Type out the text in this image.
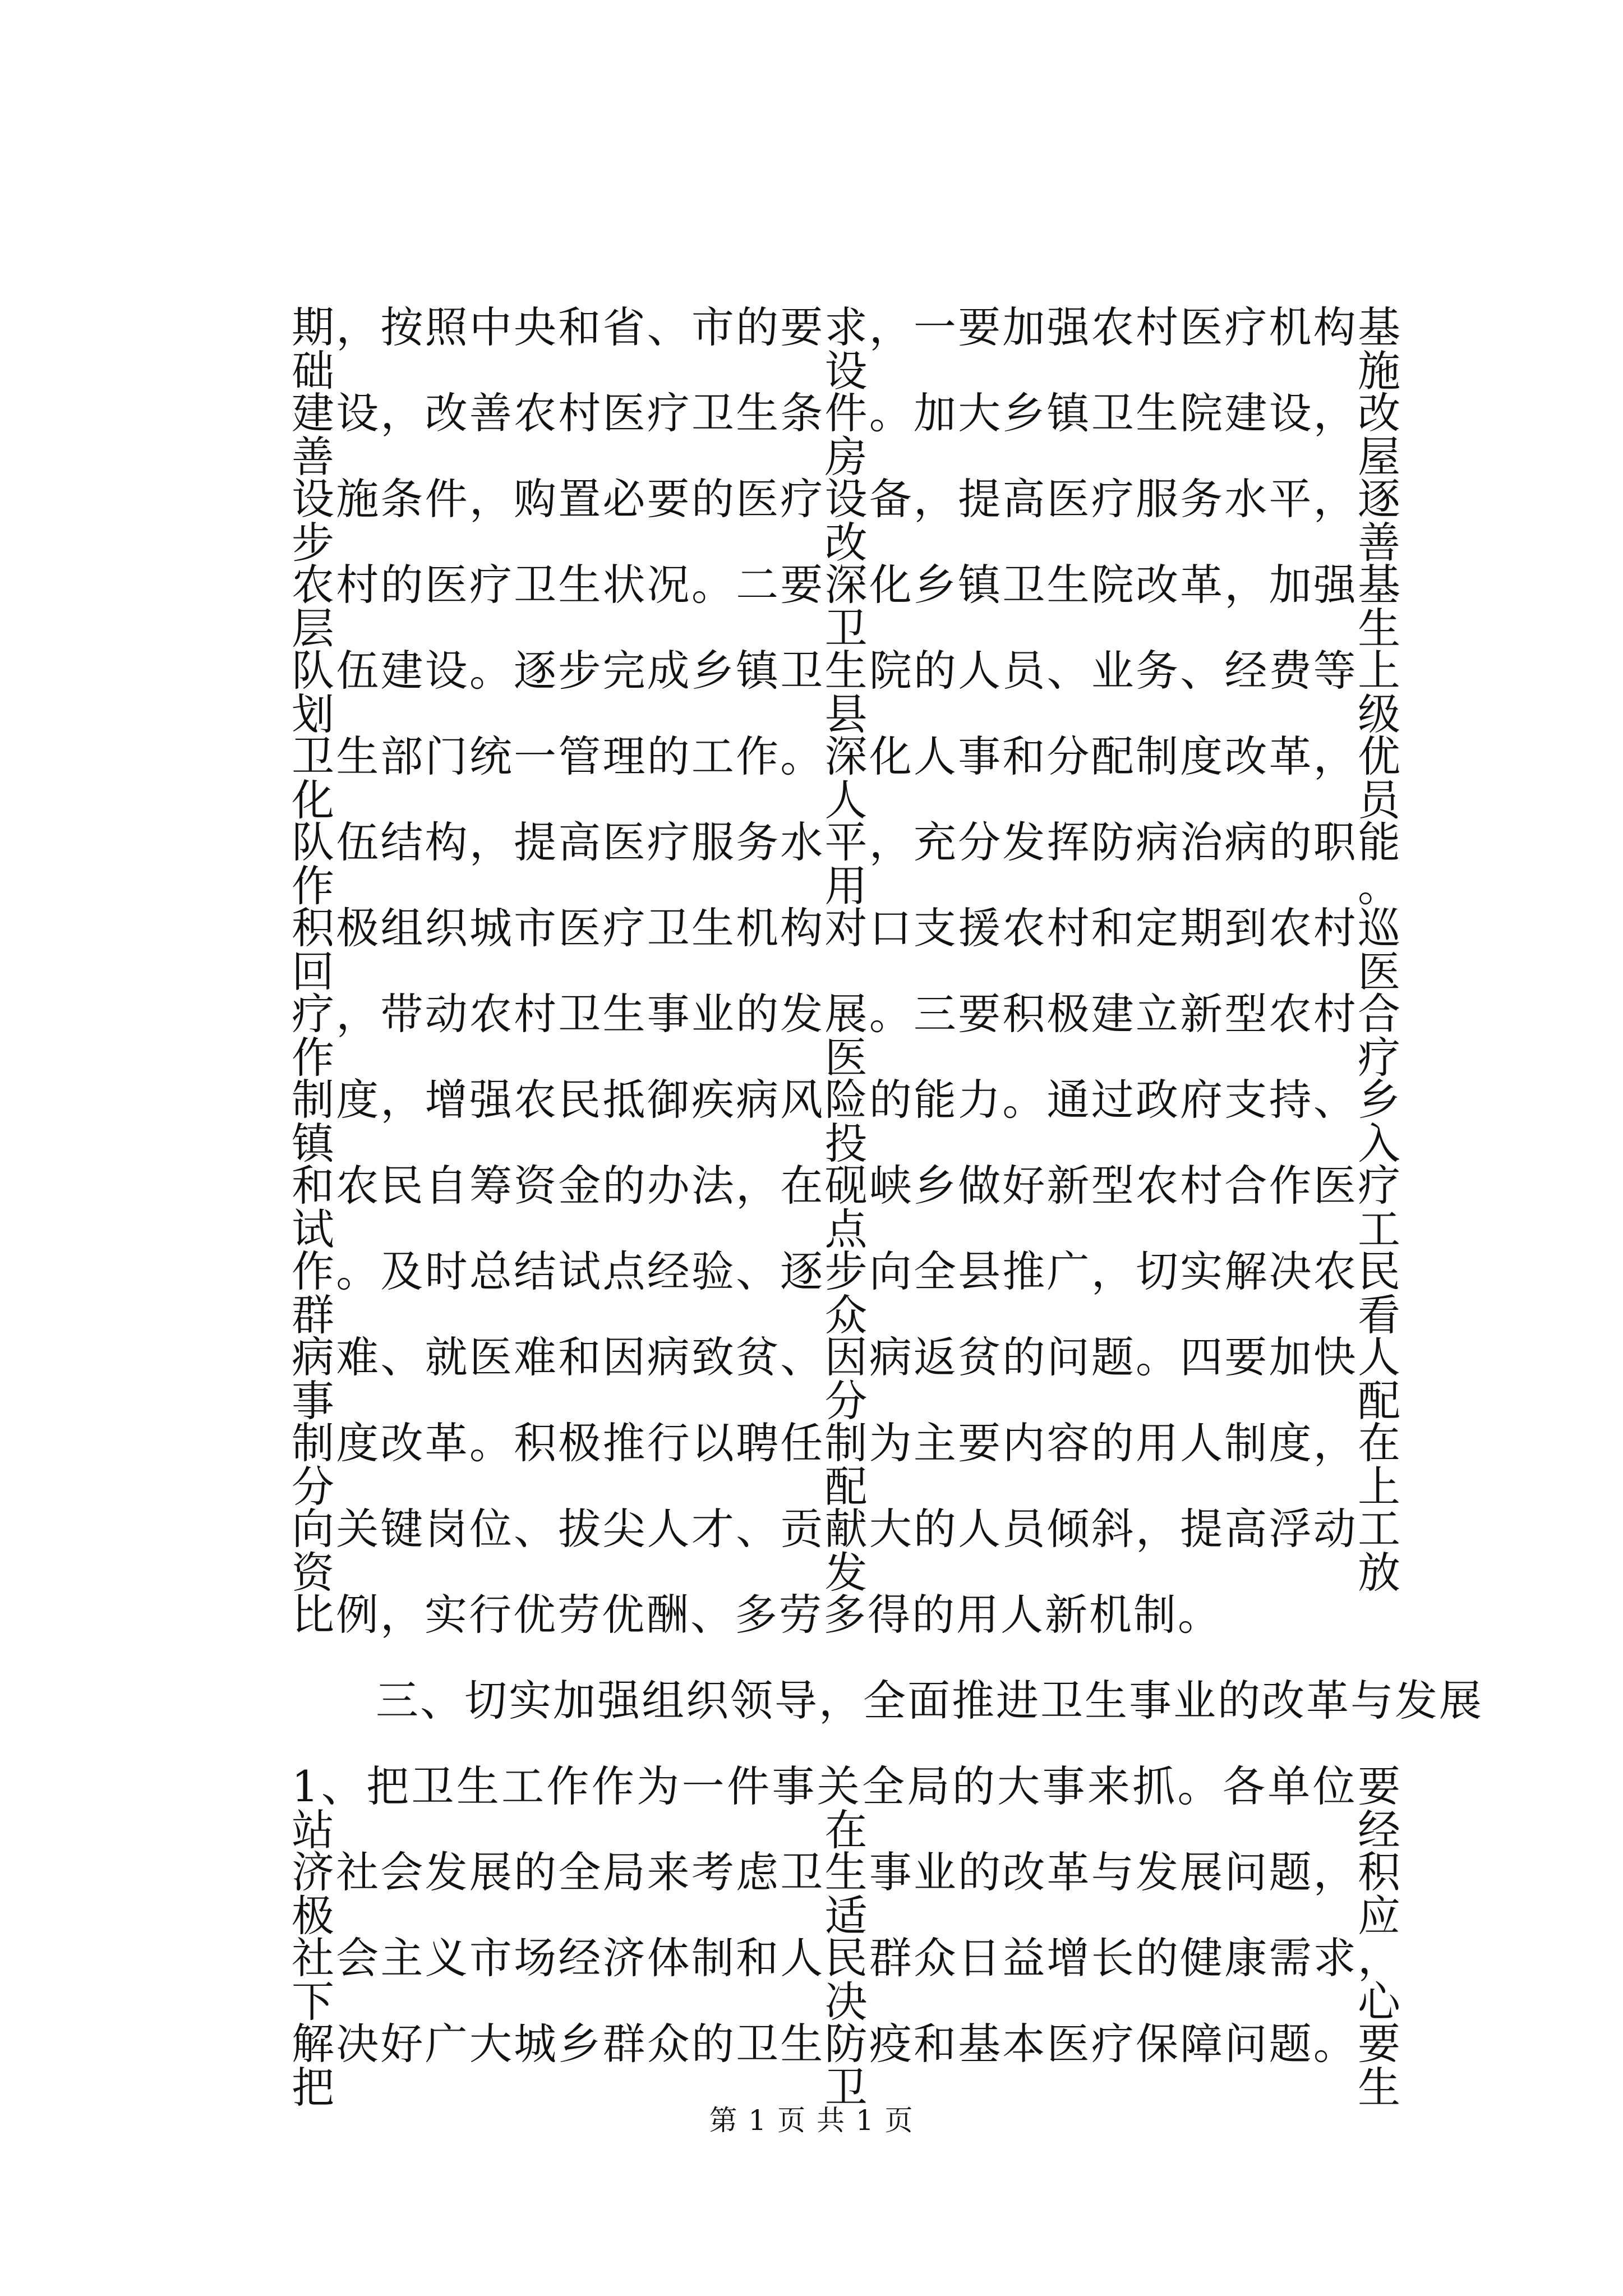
期，按照中央和省、市的要求，一要加强农村医疗机构基础设施
建设，改善农村医疗卫生条件。加大乡镇卫生院建设，改善房屋
设施条件，购置必要的医疗设备，提高医疗服务水平，逐步改善
农村的医疗卫生状况。二要深化乡镇卫生院改革，加强基层卫生
队伍建设。逐步完成乡镇卫生院的人员、业务、经费等上划县级
卫生部门统一管理的工作。深化人事和分配制度改革，优化人员
队伍结构，提高医疗服务水平，充分发挥防病治病的职能作用。
积极组织城市医疗卫生机构对口支援农村和定期到农村巡回医
疗，带动农村卫生事业的发展。三要积极建立新型农村合作医疗
制度，增强农民抵御疾病风险的能力。通过政府支持、乡镇投入
和农民自筹资金的办法，在砚峡乡做好新型农村合作医疗试点工
作。及时总结试点经验、逐步向全县推广，切实解决农民群众看
病难、就医难和因病致贫、因病返贫的问题。四要加快人事分配
制度改革。积极推行以聘任制为主要内容的用人制度，在分配上
向关键岗位、拔尖人才、贡献大的人员倾斜，提高浮动工资发放
比例，实行优劳优酬、多劳多得的用人新机制。
三、切实加强组织领导，全面推进卫生事业的改革与发展
1、把卫生工作作为一件事关全局的大事来抓。各单位要站在经
济社会发展的全局来考虑卫生事业的改革与发展问题，积极适应
社会主义市场经济体制和人民群众日益增长的健康需求，下决心
解决好广大城乡群众的卫生防疫和基本医疗保障问题。要把卫生
第 1 页 共 1 页
